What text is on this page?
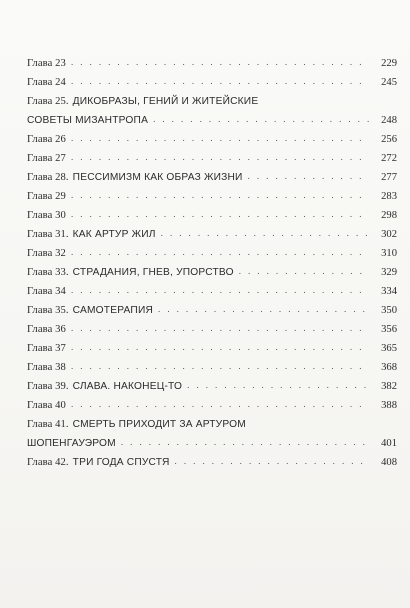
Глава 23 . . .	229
Глава 24 . . .	245
Глава 25. ДИКОБРАЗЫ, ГЕНИЙ И ЖИТЕЙСКИЕ
СОВЕТЫ МИЗАНТРОПА . . .	248
Глава 26 . . .	256
Глава 27 . . .	272
Глава 28. ПЕССИМИЗМ КАК ОБРАЗ ЖИЗНИ . . .	277
Глава 29 . . .	283
Глава 30 . . .	298
Глава 31. КАК АРТУР ЖИЛ . . .	302
Глава 32 . . .	310
Глава 33. СТРАДАНИЯ, ГНЕВ, УПОРСТВО . . .	329
Глава 34 . . .	334
Глава 35. САМОТЕРАПИЯ . . .	350
Глава 36 . . .	356
Глава 37 . . .	365
Глава 38 . . .	368
Глава 39. СЛАВА. НАКОНЕЦ-ТО . . .	382
Глава 40 . . .	388
Глава 41. СМЕРТЬ ПРИХОДИТ ЗА АРТУРОМ
ШОПЕНГАУЭРОМ . . .	401
Глава 42. ТРИ ГОДА СПУСТЯ . . .	408
